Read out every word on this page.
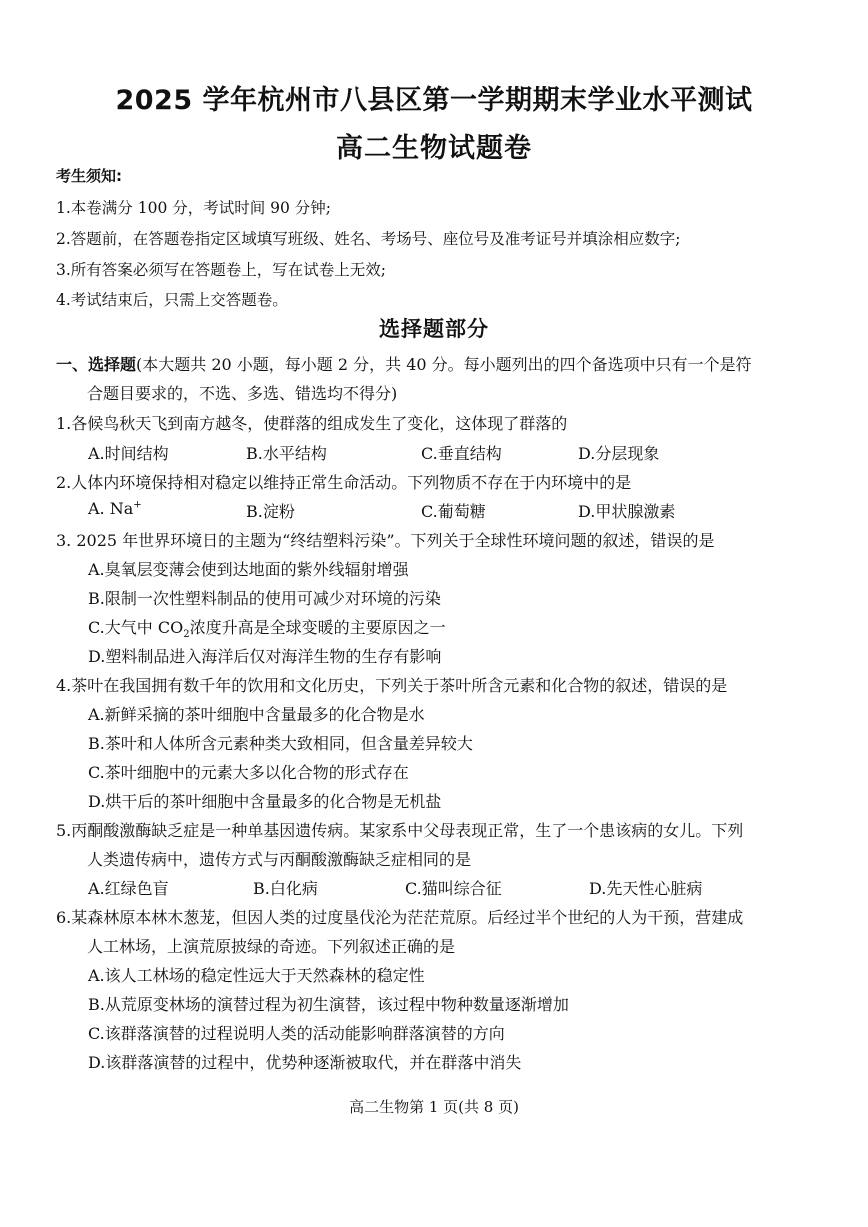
2025 学年杭州市八县区第一学期期末学业水平测试
高二生物试题卷
考生须知:
1.本卷满分 100 分，考试时间 90 分钟;
2.答题前，在答题卷指定区域填写班级、姓名、考场号、座位号及准考证号并填涂相应数字;
3.所有答案必须写在答题卷上，写在试卷上无效;
4.考试结束后，只需上交答题卷。
选择题部分
一、选择题(本大题共 20 小题，每小题 2 分，共 40 分。每小题列出的四个备选项中只有一个是符
合题目要求的，不选、多选、错选均不得分)
1.各候鸟秋天飞到南方越冬，使群落的组成发生了变化，这体现了群落的
A.时间结构	B.水平结构	C.垂直结构	D.分层现象
2.人体内环境保持相对稳定以维持正常生命活动。下列物质不存在于内环境中的是
A. Na+	B.淀粉	C.葡萄糖	D.甲状腺激素
3. 2025 年世界环境日的主题为“终结塑料污染”。下列关于全球性环境问题的叙述，错误的是
A.臭氧层变薄会使到达地面的紫外线辐射增强
B.限制一次性塑料制品的使用可减少对环境的污染
C.大气中 $CO_2$浓度升高是全球变暖的主要原因之一
D.塑料制品进入海洋后仅对海洋生物的生存有影响
4.茶叶在我国拥有数千年的饮用和文化历史，下列关于茶叶所含元素和化合物的叙述，错误的是
A.新鲜采摘的茶叶细胞中含量最多的化合物是水
B.茶叶和人体所含元素种类大致相同，但含量差异较大
C.茶叶细胞中的元素大多以化合物的形式存在
D.烘干后的茶叶细胞中含量最多的化合物是无机盐
5.丙酮酸激酶缺乏症是一种单基因遗传病。某家系中父母表现正常，生了一个患该病的女儿。下列
人类遗传病中，遗传方式与丙酮酸激酶缺乏症相同的是
A.红绿色盲	B.白化病	C.猫叫综合征	D.先天性心脏病
6.某森林原本林木葱茏，但因人类的过度垦伐沦为茫茫荒原。后经过半个世纪的人为干预，营建成
人工林场，上演荒原披绿的奇迹。下列叙述正确的是
A.该人工林场的稳定性远大于天然森林的稳定性
B.从荒原变林场的演替过程为初生演替，该过程中物种数量逐渐增加
C.该群落演替的过程说明人类的活动能影响群落演替的方向
D.该群落演替的过程中，优势种逐渐被取代，并在群落中消失
高二生物第 1 页(共 8 页)
